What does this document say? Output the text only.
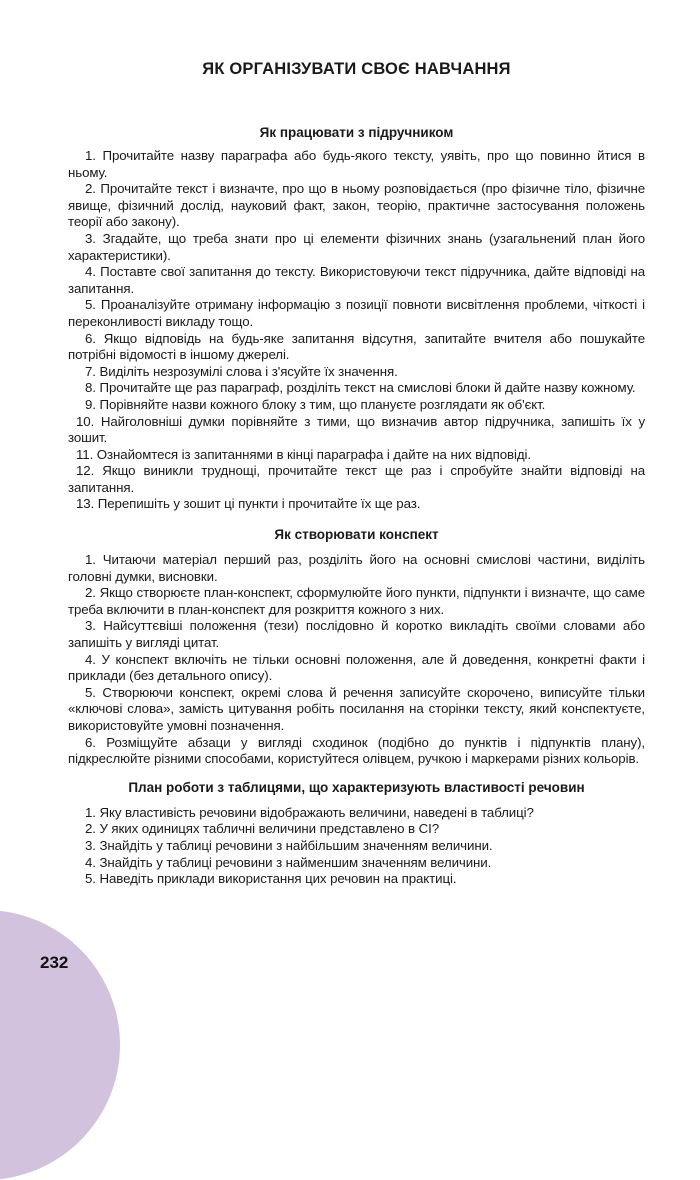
232
ЯК ОРГАНІЗУВАТИ СВОЄ НАВЧАННЯ
Як працювати з підручником

1. Прочитайте назву параграфа або будь-якого тексту, уявіть, про що повинно йтися в ньому.

2. Прочитайте текст і визначте, про що в ньому розповідається (про фізичне тіло, фізичне явище, фізичний дослід, науковий факт, закон, теорію, практичне застосування положень теорії або закону).

3. Згадайте, що треба знати про ці елементи фізичних знань (узагальнений план його характеристики).

4. Поставте свої запитання до тексту. Використовуючи текст підручника, дайте відповіді на запитання.

5. Проаналізуйте отриману інформацію з позиції повноти висвітлення проблеми, чіткості і переконливості викладу тощо.

6. Якщо відповідь на будь-яке запитання відсутня, запитайте вчителя або пошукайте потрібні відомості в іншому джерелі.

7. Виділіть незрозумілі слова і з'ясуйте їх значення.

8. Прочитайте ще раз параграф, розділіть текст на смислові блоки й дайте назву кожному.

9. Порівняйте назви кожного блоку з тим, що плануєте розглядати як об'єкт.

10. Найголовніші думки порівняйте з тими, що визначив автор підручника, запишіть їх у зошит.

11. Ознайомтеся із запитаннями в кінці параграфа і дайте на них відповіді.

12. Якщо виникли труднощі, прочитайте текст ще раз і спробуйте знайти відповіді на запитання.

13. Перепишіть у зошит ці пункти і прочитайте їх ще раз.

Як створювати конспект

1. Читаючи матеріал перший раз, розділіть його на основні смислові частини, виділіть головні думки, висновки.

2. Якщо створюєте план-конспект, сформулюйте його пункти, підпункти і визначте, що саме треба включити в план-конспект для розкриття кожного з них.

3. Найсуттєвіші положення (тези) послідовно й коротко викладіть своїми словами або запишіть у вигляді цитат.

4. У конспект включіть не тільки основні положення, але й доведення, конкретні факти і приклади (без детального опису).

5. Створюючи конспект, окремі слова й речення записуйте скорочено, виписуйте тільки «ключові слова», замість цитування робіть посилання на сторінки тексту, який конспектуєте, використовуйте умовні позначення.

6. Розміщуйте абзаци у вигляді сходинок (подібно до пунктів і підпунктів плану), підкреслюйте різними способами, користуйтеся олівцем, ручкою і маркерами різних кольорів.

План роботи з таблицями, що характеризують властивості речовин

1. Яку властивість речовини відображають величини, наведені в таблиці?

2. У яких одиницях табличні величини представлено в СІ?

3. Знайдіть у таблиці речовини з найбільшим значенням величини.

4. Знайдіть у таблиці речовини з найменшим значенням величини.

5. Наведіть приклади використання цих речовин на практиці.
